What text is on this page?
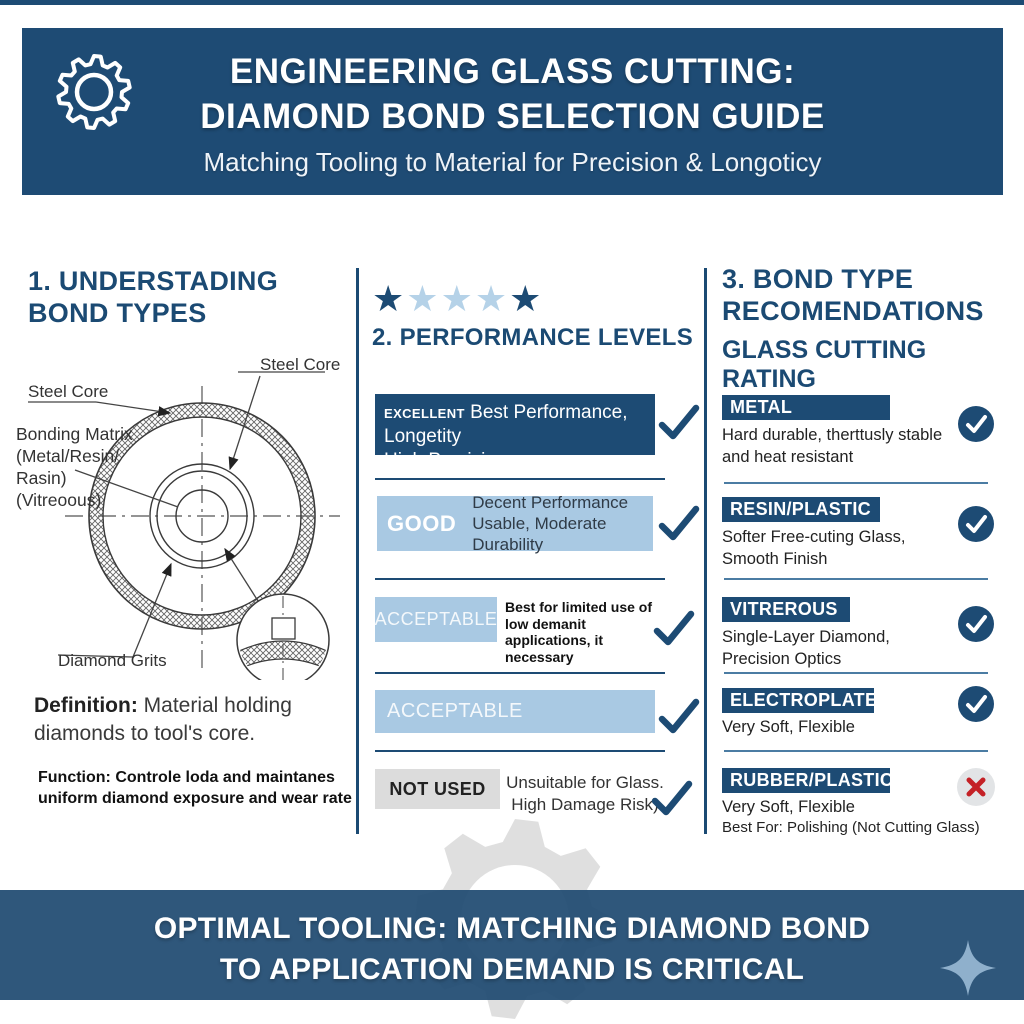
ENGINEERING GLASS CUTTING:
DIAMOND BOND SELECTION GUIDE
Matching Tooling to Material for Precision & Longoticy
1. UNDERSTADING
BOND TYPES
Steel Core
Steel Core
Bonding Matrix
(Metal/Resin/
Rasin)
(Vitreoous)
Diamond Grits
Definition: Material holding
diamonds to tool's core.
Function: Controle loda and maintanes
uniform diamond exposure and wear rate
★★★★★
2. PERFORMANCE LEVELS
EXCELLENT Best Performance, Longetity
High Precision
GOOD
Decent Performance
Usable, Moderate Durability
ACCEPTABLE
Best for limited use of low demanit applications, it necessary
ACCEPTABLE
NOT USED	Unsuitable for Glass.
High Damage Risk)
3. BOND TYPE
RECOMENDATIONS
GLASS CUTTING RATING
METAL
Hard durable, therttusly stable
and heat resistant
RESIN/PLASTIC
Softer Free-cuting Glass,
Smooth Finish
VITREROUS
Single-Layer Diamond,
Precision Optics
ELECTROPLATED
Very Soft, Flexible
RUBBER/PLASTIC
Very Soft, Flexible
Best For: Polishing (Not Cutting Glass)
OPTIMAL TOOLING: MATCHING DIAMOND BOND
TO APPLICATION DEMAND IS CRITICAL
